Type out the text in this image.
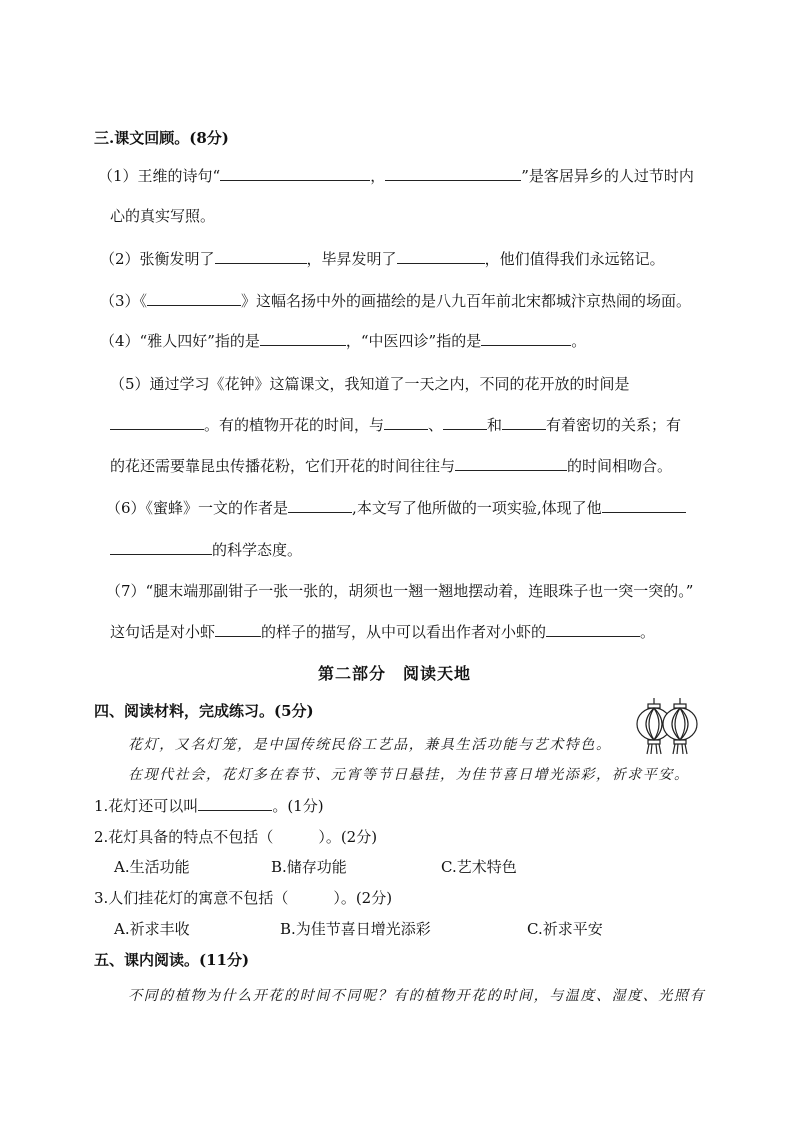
三.课文回顾。(8分)
（1）王维的诗句“	，	”是客居异乡的人过节时内
心的真实写照。
（2）张衡发明了	，毕昇发明了	，他们值得我们永远铭记。
（3）《	》这幅名扬中外的画描绘的是八九百年前北宋都城汴京热闹的场面。
（4）“雅人四好”指的是	，“中医四诊”指的是	。
（5）通过学习《花钟》这篇课文，我知道了一天之内，不同的花开放的时间是
。有的植物开花的时间，与	、	和	有着密切的关系；有
的花还需要靠昆虫传播花粉，它们开花的时间往往与	的时间相吻合。
（6）《蜜蜂》一文的作者是	,本文写了他所做的一项实验,体现了他
的科学态度。
（7）“腿末端那副钳子一张一张的，胡须也一翘一翘地摆动着，连眼珠子也一突一突的。”
这句话是对小虾	的样子的描写，从中可以看出作者对小虾的	。
第二部分　阅读天地
四、阅读材料，完成练习。(5分)
花灯，又名灯笼，是中国传统民俗工艺品，兼具生活功能与艺术特色。
在现代社会，花灯多在春节、元宵等节日悬挂，为佳节喜日增光添彩，祈求平安。
1.花灯还可以叫	。(1分)
2.花灯具备的特点不包括（　　　）。(2分)
A.生活功能	B.储存功能	C.艺术特色
3.人们挂花灯的寓意不包括（　　　）。(2分)
A.祈求丰收	B.为佳节喜日增光添彩	C.祈求平安
五、课内阅读。(11分)
不同的植物为什么开花的时间不同呢？有的植物开花的时间，与温度、湿度、光照有
